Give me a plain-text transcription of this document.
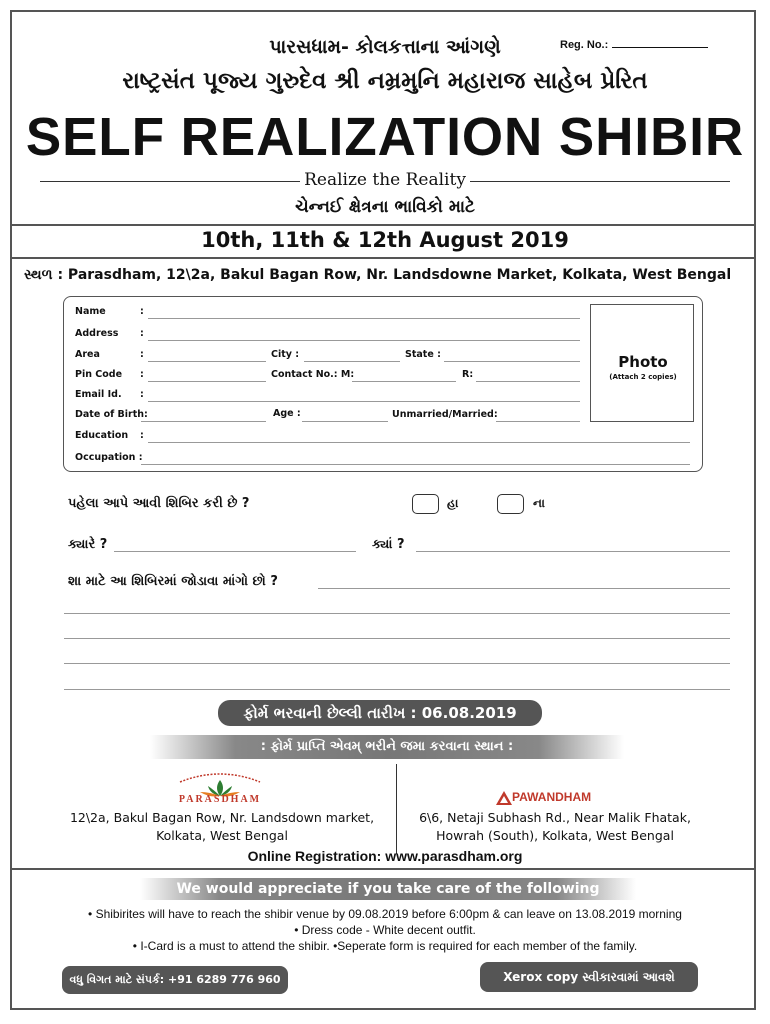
પારસધામ- કોલકત્તાના આંગણે	Reg. No.:
રાષ્ટ્રસંત પૂજ્ય ગુરુદેવ શ્રી નમ્રમુનિ મહારાજ સાહેબ પ્રેરિત
SELF REALIZATION SHIBIR
Realize the Reality
ચેન્નઈ ક્ષેત્રના ભાવિકો માટે
10th, 11th & 12th August 2019
સ્થળ : Parasdham, 12\2a, Bakul Bagan Row, Nr. Landsdowne Market, Kolkata, West Bengal
Name	:
Address :
Area	:	City :	State :
Pin Code :	Contact No.: M:	R:
Email Id. :
Date of Birth:	Age :	Unmarried/Married:
Education :
Occupation :
Photo
(Attach 2 copies)
પહેલા આપે આવી શિબિર કરી છે ?	હા	ના
ક્યારે ?	ક્યાં ?
શા માટે આ શિબિરમાં જોડાવા માંગો છો ?
ફોર્મ ભરવાની છેલ્લી તારીખ : 06.08.2019
: ફોર્મ પ્રાપ્તિ એવમ્ ભરીને જમા કરવાના સ્થાન :
PARASDHAM
12\2a, Bakul Bagan Row, Nr. Landsdown market,
Kolkata, West Bengal
PAWANDHAM
6\6, Netaji Subhash Rd., Near Malik Fhatak,
Howrah (South), Kolkata, West Bengal
Online Registration: www.parasdham.org
We would appreciate if you take care of the following
• Shibirites will have to reach the shibir venue by 09.08.2019 before 6:00pm & can leave on 13.08.2019 morning
• Dress code - White decent outfit.
• I-Card is a must to attend the shibir. •Seperate form is required for each member of the family.
વધુ વિગત માટે સંપર્ક: +91 6289 776 960	Xerox copy સ્વીકારવામાં આવશે
